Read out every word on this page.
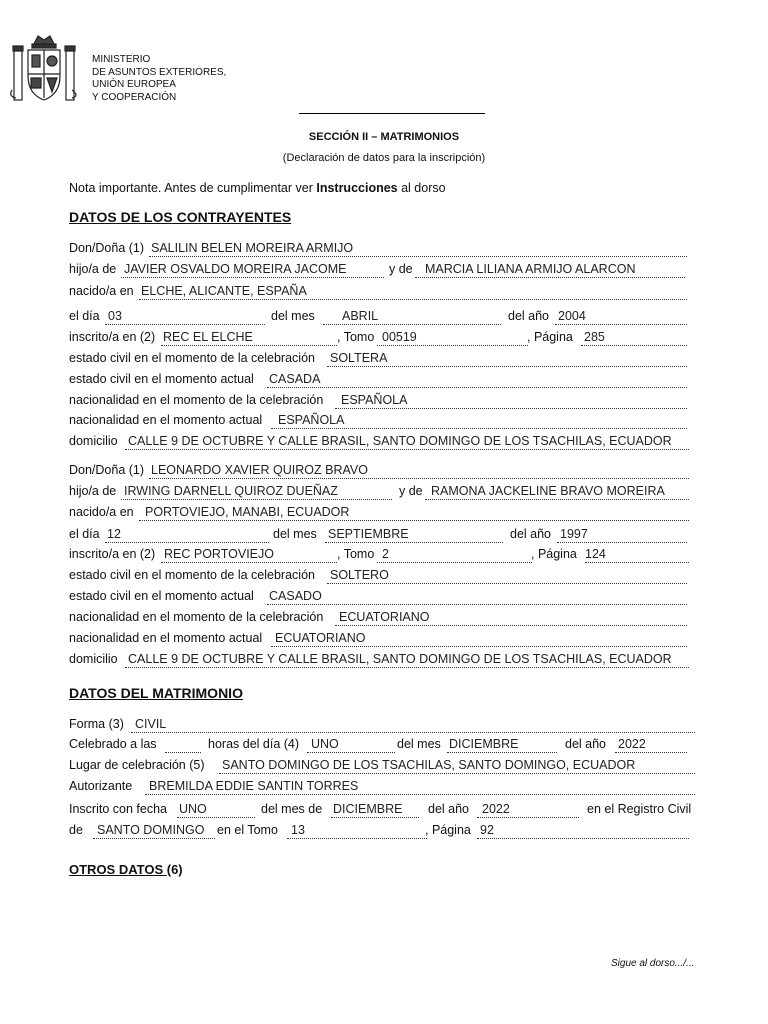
MINISTERIO
DE ASUNTOS EXTERIORES,
UNIÓN EUROPEA
Y COOPERACIÓN
SECCIÓN II – MATRIMONIOS
(Declaración de datos para la inscripción)
Nota importante. Antes de cumplimentar ver Instrucciones al dorso
DATOS DE LOS CONTRAYENTES
Don/Doña (1) SALILIN BELEN MOREIRA ARMIJO
hijo/a de JAVIER OSVALDO MOREIRA JACOME	y de MARCIA LILIANA ARMIJO ALARCON
nacido/a en ELCHE, ALICANTE, ESPAÑA
el día 03	del mes ABRIL	del año 2004
inscrito/a en (2) REC EL ELCHE	, Tomo 00519	, Página 285
estado civil en el momento de la celebración SOLTERA
estado civil en el momento actual CASADA
nacionalidad en el momento de la celebración ESPAÑOLA
nacionalidad en el momento actual ESPAÑOLA
domicilio CALLE 9 DE OCTUBRE Y CALLE BRASIL, SANTO DOMINGO DE LOS TSACHILAS, ECUADOR
Don/Doña (1) LEONARDO XAVIER QUIROZ BRAVO
hijo/a de IRWING DARNELL QUIROZ DUEÑAZ	y de RAMONA JACKELINE BRAVO MOREIRA
nacido/a en PORTOVIEJO, MANABI, ECUADOR
el día 12	del mes SEPTIEMBRE	del año 1997
inscrito/a en (2) REC PORTOVIEJO	, Tomo 2	, Página 124
estado civil en el momento de la celebración SOLTERO
estado civil en el momento actual CASADO
nacionalidad en el momento de la celebración ECUATORIANO
nacionalidad en el momento actual ECUATORIANO
domicilio CALLE 9 DE OCTUBRE Y CALLE BRASIL, SANTO DOMINGO DE LOS TSACHILAS, ECUADOR
DATOS DEL MATRIMONIO
Forma (3) CIVIL
Celebrado a las	horas del día (4) UNO	del mes DICIEMBRE	del año 2022
Lugar de celebración (5) SANTO DOMINGO DE LOS TSACHILAS, SANTO DOMINGO, ECUADOR
Autorizante BREMILDA EDDIE SANTIN TORRES
Inscrito con fecha UNO	del mes de DICIEMBRE del año 2022	en el Registro Civil
de SANTO DOMINGO en el Tomo 13	, Página 92
OTROS DATOS (6)
Sigue al dorso.../...
